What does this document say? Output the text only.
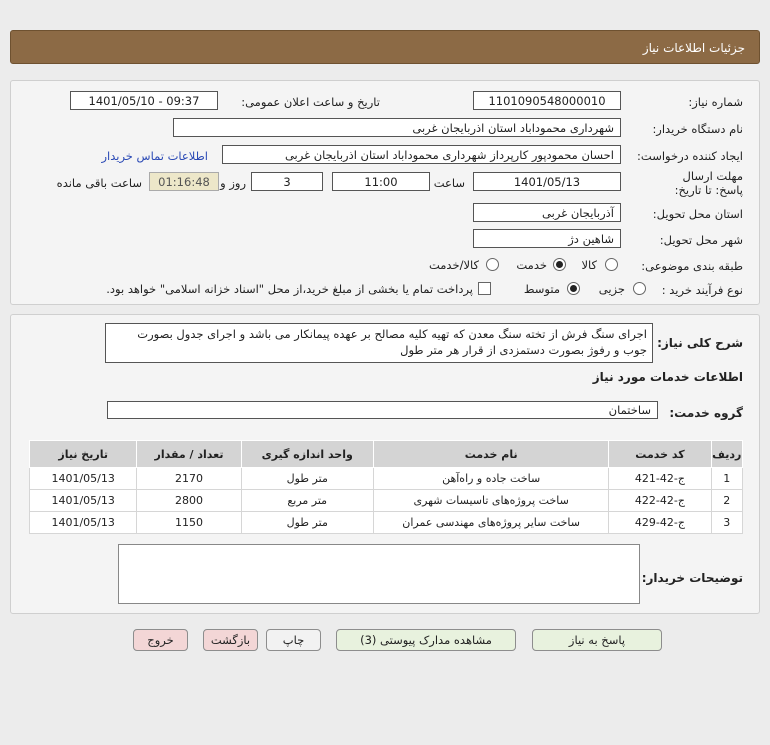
جزئیات اطلاعات نیاز
شماره نیاز:
1101090548000010
تاریخ و ساعت اعلان عمومی:
1401/05/10 - 09:37
نام دستگاه خریدار:
شهرداری محموداباد استان اذربایجان غربی
ایجاد کننده درخواست:
احسان محمودپور کارپرداز شهرداری محموداباد استان اذربایجان غربی
اطلاعات تماس خریدار
مهلت ارسال پاسخ: تا تاریخ:
1401/05/13
ساعت
11:00
3
روز و
01:16:48
ساعت باقی مانده
استان محل تحویل:
آذربایجان غربی
شهر محل تحویل:
شاهین دژ
طبقه بندی موضوعی:
کالا
خدمت
کالا/خدمت
نوع فرآیند خرید :
جزیی
متوسط
پرداخت تمام یا بخشی از مبلغ خرید،از محل "اسناد خزانه اسلامی" خواهد بود.
شرح کلی نیاز:
اجرای سنگ فرش از تخته سنگ معدن که تهیه کلیه مصالح بر عهده پیمانکار می باشد و اجرای جدول بصورت جوب و رفوژ بصورت دستمزدی از قرار هر متر طول
اطلاعات خدمات مورد نیاز
گروه خدمت:
ساختمان
ردیف	کد خدمت	نام خدمت	واحد اندازه گیری	تعداد / مقدار	تاریخ نیاز
1	ج-42-421	ساخت جاده و راه‌آهن	متر طول	2170	1401/05/13
2	ج-42-422	ساخت پروژه‌های تاسیسات شهری	متر مربع	2800	1401/05/13
3	ج-42-429	ساخت سایر پروژه‌های مهندسی عمران	متر طول	1150	1401/05/13
توضیحات خریدار:
پاسخ به نیاز
مشاهده مدارک پیوستی (3)
چاپ
بازگشت
خروج
